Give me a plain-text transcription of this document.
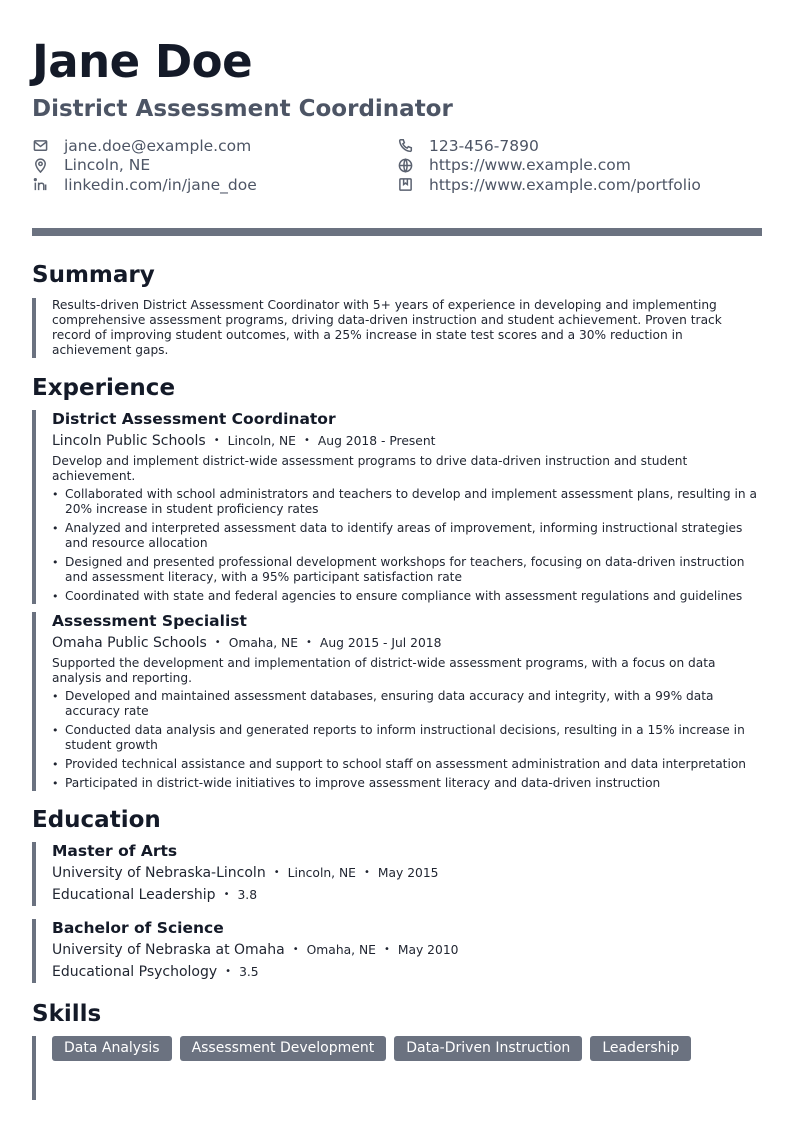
Jane Doe
District Assessment Coordinator
jane.doe@example.com	123-456-7890
Lincoln, NE	https://www.example.com
linkedin.com/in/jane_doe	https://www.example.com/portfolio
Summary
Results-driven District Assessment Coordinator with 5+ years of experience in developing and implementing comprehensive assessment programs, driving data-driven instruction and student achievement. Proven track record of improving student outcomes, with a 25% increase in state test scores and a 30% reduction in achievement gaps.
Experience
District Assessment Coordinator
Lincoln Public Schools • Lincoln, NE • Aug 2018 - Present
Develop and implement district-wide assessment programs to drive data-driven instruction and student achievement.
• Collaborated with school administrators and teachers to develop and implement assessment plans, resulting in a 20% increase in student proficiency rates
• Analyzed and interpreted assessment data to identify areas of improvement, informing instructional strategies and resource allocation
• Designed and presented professional development workshops for teachers, focusing on data-driven instruction and assessment literacy, with a 95% participant satisfaction rate
• Coordinated with state and federal agencies to ensure compliance with assessment regulations and guidelines
Assessment Specialist
Omaha Public Schools • Omaha, NE • Aug 2015 - Jul 2018
Supported the development and implementation of district-wide assessment programs, with a focus on data analysis and reporting.
• Developed and maintained assessment databases, ensuring data accuracy and integrity, with a 99% data accuracy rate
• Conducted data analysis and generated reports to inform instructional decisions, resulting in a 15% increase in student growth
• Provided technical assistance and support to school staff on assessment administration and data interpretation
• Participated in district-wide initiatives to improve assessment literacy and data-driven instruction
Education
Master of Arts
University of Nebraska-Lincoln • Lincoln, NE • May 2015
Educational Leadership • 3.8
Bachelor of Science
University of Nebraska at Omaha • Omaha, NE • May 2010
Educational Psychology • 3.5
Skills
Data Analysis	Assessment Development	Data-Driven Instruction	Leadership
